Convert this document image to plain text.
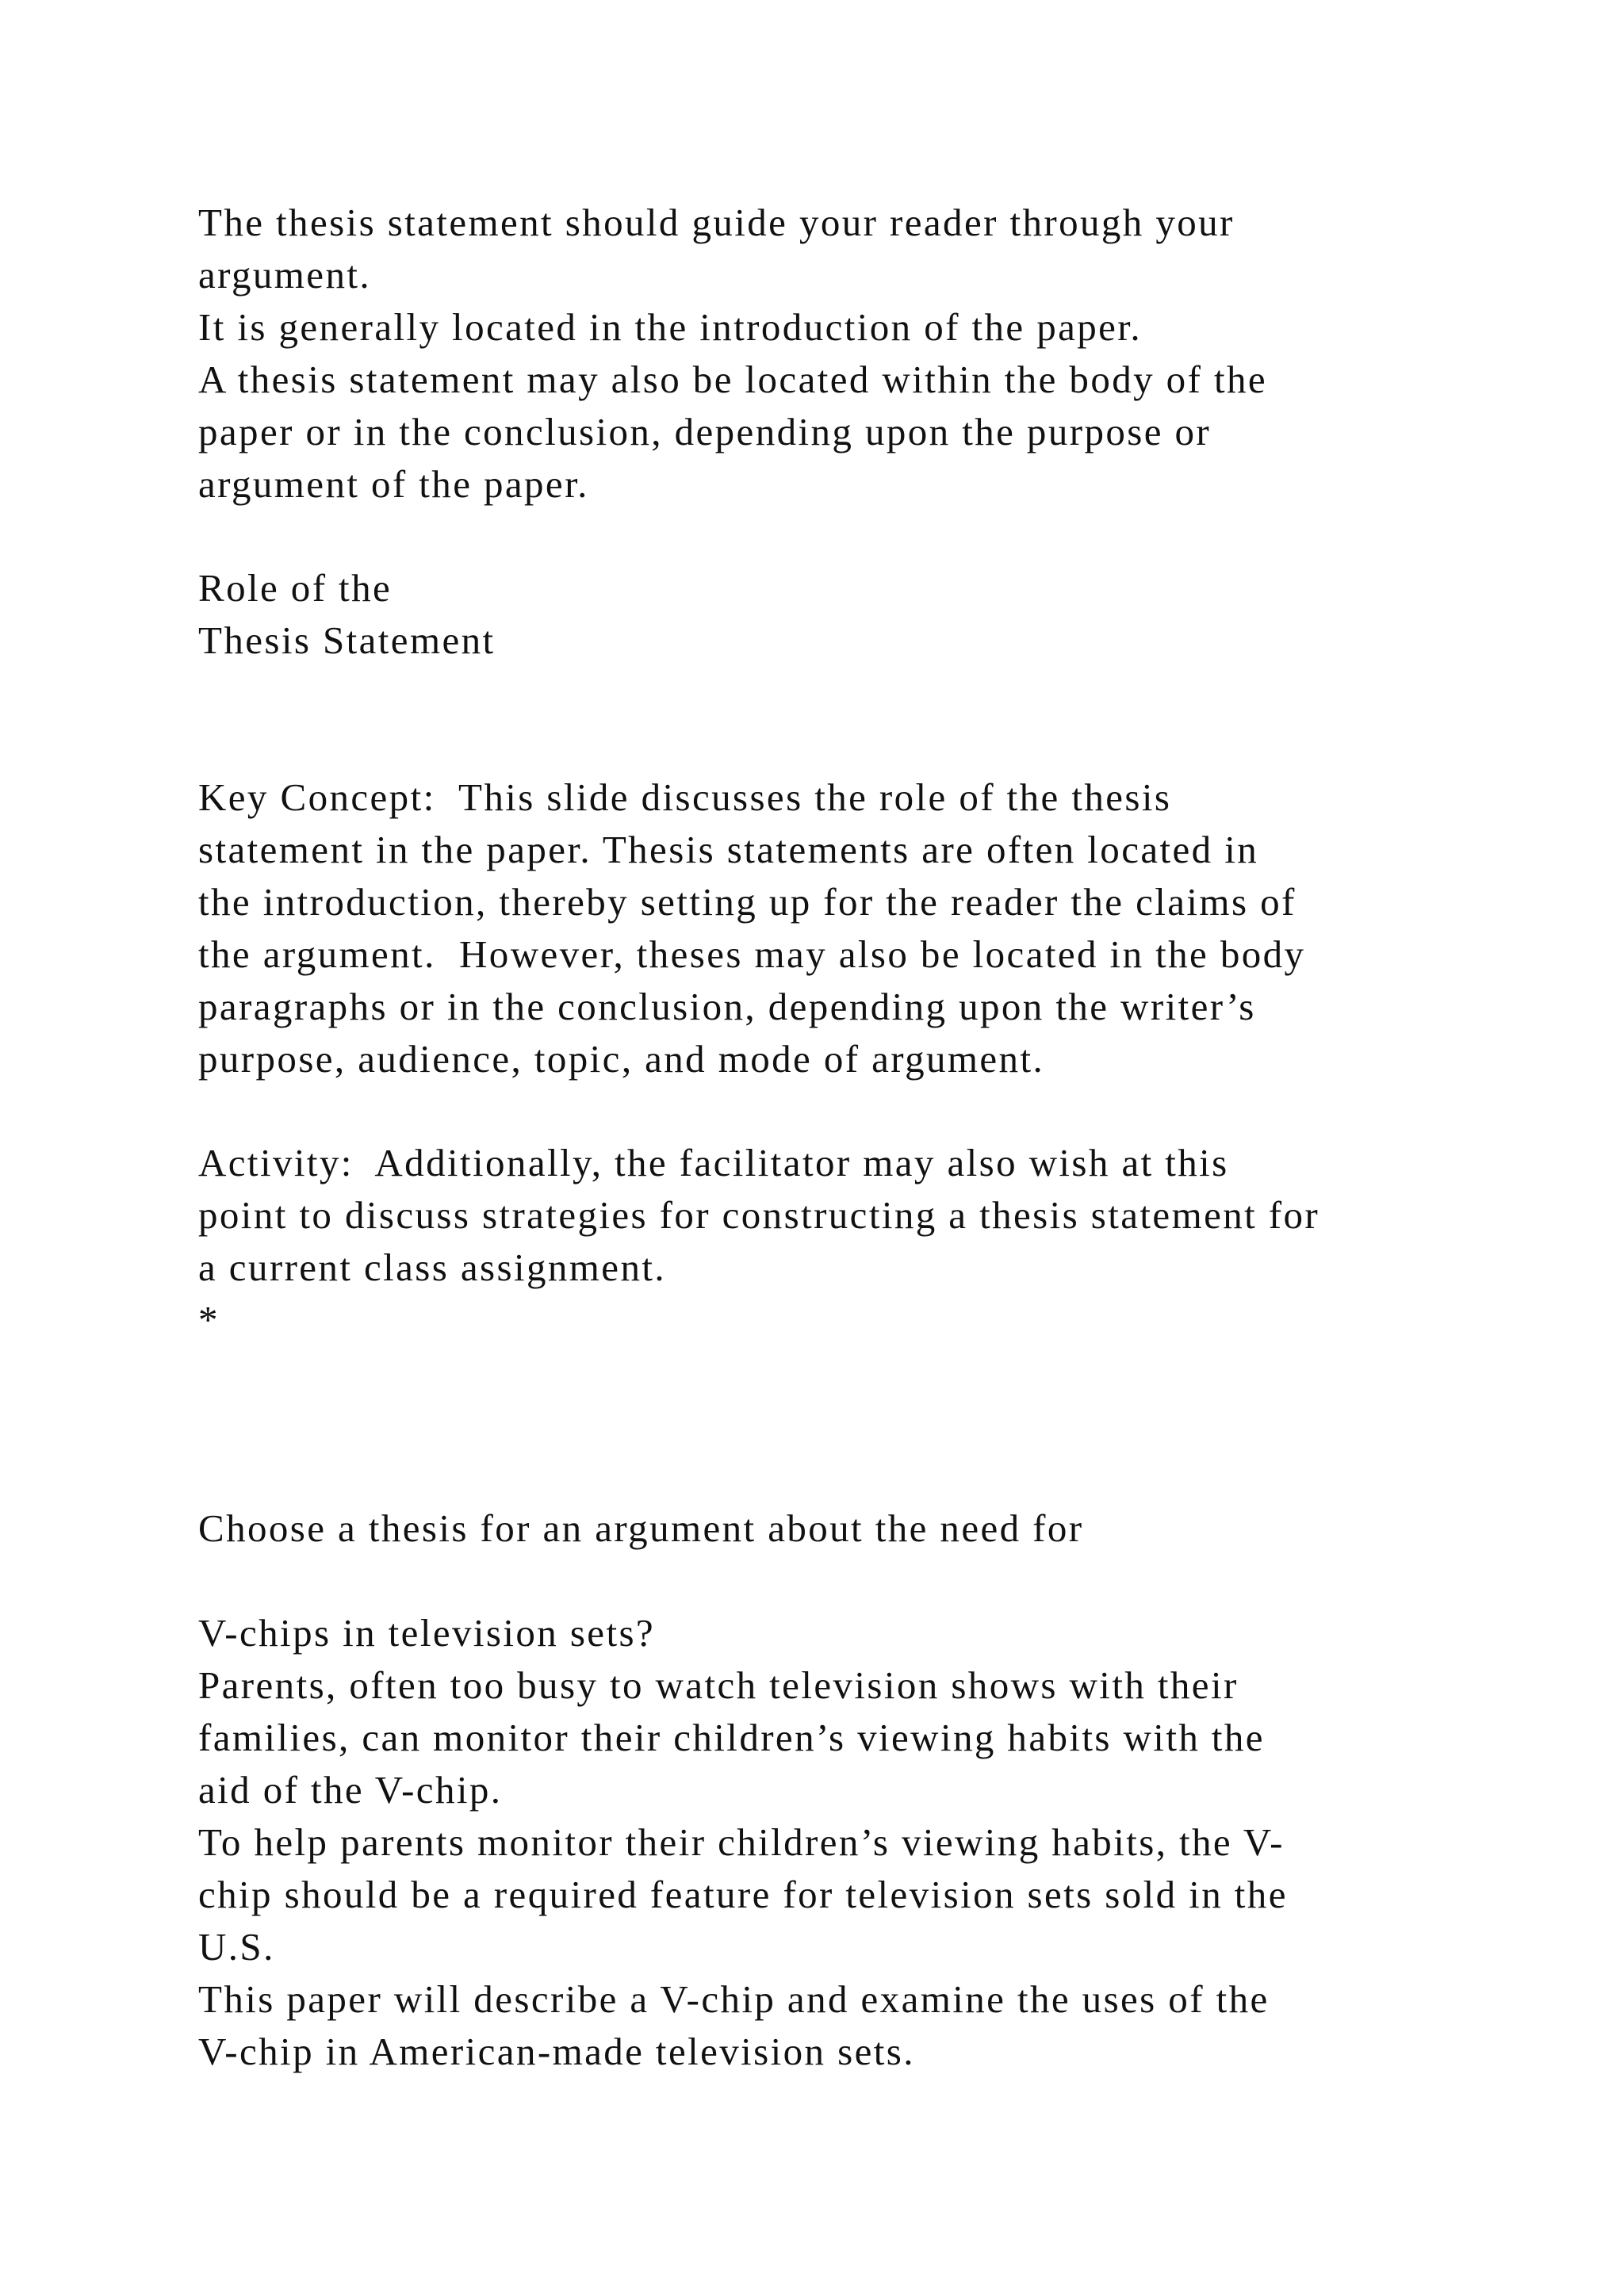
The thesis statement should guide your reader through your
argument.
It is generally located in the introduction of the paper.
A thesis statement may also be located within the body of the
paper or in the conclusion, depending upon the purpose or
argument of the paper.
Role of the
Thesis Statement
Key Concept:  This slide discusses the role of the thesis
statement in the paper. Thesis statements are often located in
the introduction, thereby setting up for the reader the claims of
the argument.  However, theses may also be located in the body
paragraphs or in the conclusion, depending upon the writer’s
purpose, audience, topic, and mode of argument.
Activity:  Additionally, the facilitator may also wish at this
point to discuss strategies for constructing a thesis statement for
a current class assignment.
*
Choose a thesis for an argument about the need for
V-chips in television sets?
Parents, often too busy to watch television shows with their
families, can monitor their children’s viewing habits with the
aid of the V-chip.
To help parents monitor their children’s viewing habits, the V-
chip should be a required feature for television sets sold in the
U.S.
This paper will describe a V-chip and examine the uses of the
V-chip in American-made television sets.
